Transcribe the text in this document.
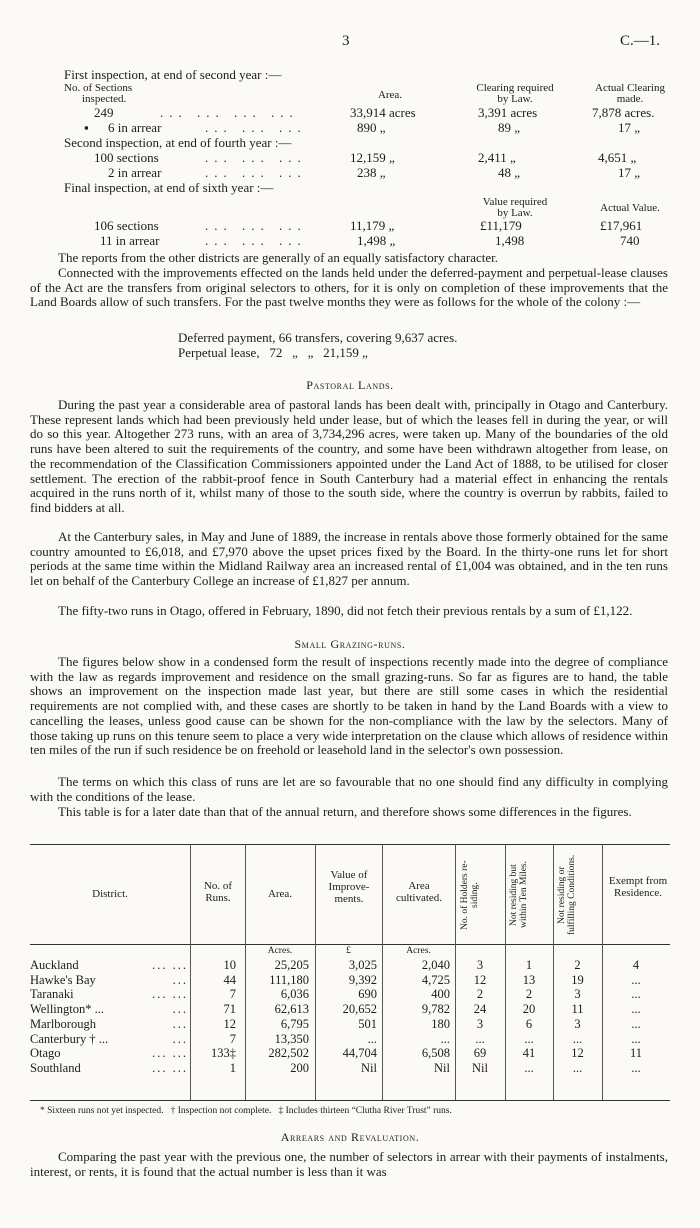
3	C.—1.
First inspection, at end of second year :—
No. of Sections
inspected.	Area.
Clearing required
by Law.
Actual Clearing
made.
249	... ... ... ...	33,914 acres	3,391 acres	7,878 acres.
▪ 6 in arrear	... ... ...	890 „	89 „	17 „
Second inspection, at end of fourth year :—
100 sections	... ... ...	12,159 „	2,411 „	4,651 „
2 in arrear	... ... ...	238 „	48 „	17 „
Final inspection, at end of sixth year :—
Value required
by Law.	Actual Value.
106 sections	... ... ...	11,179 „	£11,179	£17,961
11 in arrear	... ... ...	1,498 „	1,498	740
The reports from the other districts are generally of an equally satisfactory character.
Connected with the improvements effected on the lands held under the deferred-payment and perpetual-lease clauses of the Act are the transfers from original selectors to others, for it is only on completion of these improvements that the Land Boards allow of such transfers. For the past twelve months they were as follows for the whole of the colony :—
Deferred payment, 66 transfers, covering 9,637 acres.
Perpetual lease,   72   „   „   21,159 „
Pastoral Lands.
During the past year a considerable area of pastoral lands has been dealt with, principally in Otago and Canterbury. These represent lands which had been previously held under lease, but of which the leases fell in during the year, or will do so this year. Altogether 273 runs, with an area of 3,734,296 acres, were taken up. Many of the boundaries of the old runs have been altered to suit the requirements of the country, and some have been withdrawn altogether from lease, on the recommendation of the Classification Commissioners appointed under the Land Act of 1888, to be utilised for closer settlement. The erection of the rabbit-proof fence in South Canterbury had a material effect in enhancing the rentals acquired in the runs north of it, whilst many of those to the south side, where the country is overrun by rabbits, failed to find bidders at all.
At the Canterbury sales, in May and June of 1889, the increase in rentals above those formerly obtained for the same country amounted to £6,018, and £7,970 above the upset prices fixed by the Board. In the thirty-one runs let for short periods at the same time within the Midland Railway area an increased rental of £1,004 was obtained, and in the ten runs let on behalf of the Canterbury College an increase of £1,827 per annum.
The fifty-two runs in Otago, offered in February, 1890, did not fetch their previous rentals by a sum of £1,122.
Small Grazing-runs.
The figures below show in a condensed form the result of inspections recently made into the degree of compliance with the law as regards improvement and residence on the small grazing-runs. So far as figures are to hand, the table shows an improvement on the inspection made last year, but there are still some cases in which the residential requirements are not complied with, and these cases are shortly to be taken in hand by the Land Boards with a view to cancelling the leases, unless good cause can be shown for the non-compliance with the law by the selectors. Many of those taking up runs on this tenure seem to place a very wide interpretation on the clause which allows of residence within ten miles of the run if such residence be on freehold or leasehold land in the selector's own possession.
The terms on which this class of runs are let are so favourable that no one should find any difficulty in complying with the conditions of the lease.
This table is for a later date than that of the annual return, and therefore shows some differences in the figures.
District.
No. of Runs.	Area.
Value of Improve-ments.
Area cultivated.	No. of Holders re-siding.	Not residing but within Ten Miles.	Not residing or fulfilling Conditions.	Exempt from Residence.
Acres.	£	Acres.
Auckland	... ...	10	25,205	3,025	2,040	3	1	2	4
Hawke's Bay	...	44	111,180	9,392	4,725	12	13	19	...
Taranaki	... ...	7	6,036	690	400	2	2	3	...
Wellington* ...	...	71	62,613	20,652	9,782	24	20	11	...
Marlborough	...	12	6,795	501	180	3	6	3	...
Canterbury † ...	...	7	13,350	...	...	...	...	...	...
Otago	... ...	133‡	282,502	44,704	6,508	69	41	12	11
Southland	... ...	1	200	Nil	Nil	Nil	...	...	...
* Sixteen runs not yet inspected.   † Inspection not complete.   ‡ Includes thirteen “Clutha River Trust” runs.
Arrears and Revaluation.
Comparing the past year with the previous one, the number of selectors in arrear with their payments of instalments, interest, or rents, it is found that the actual number is less than it was
